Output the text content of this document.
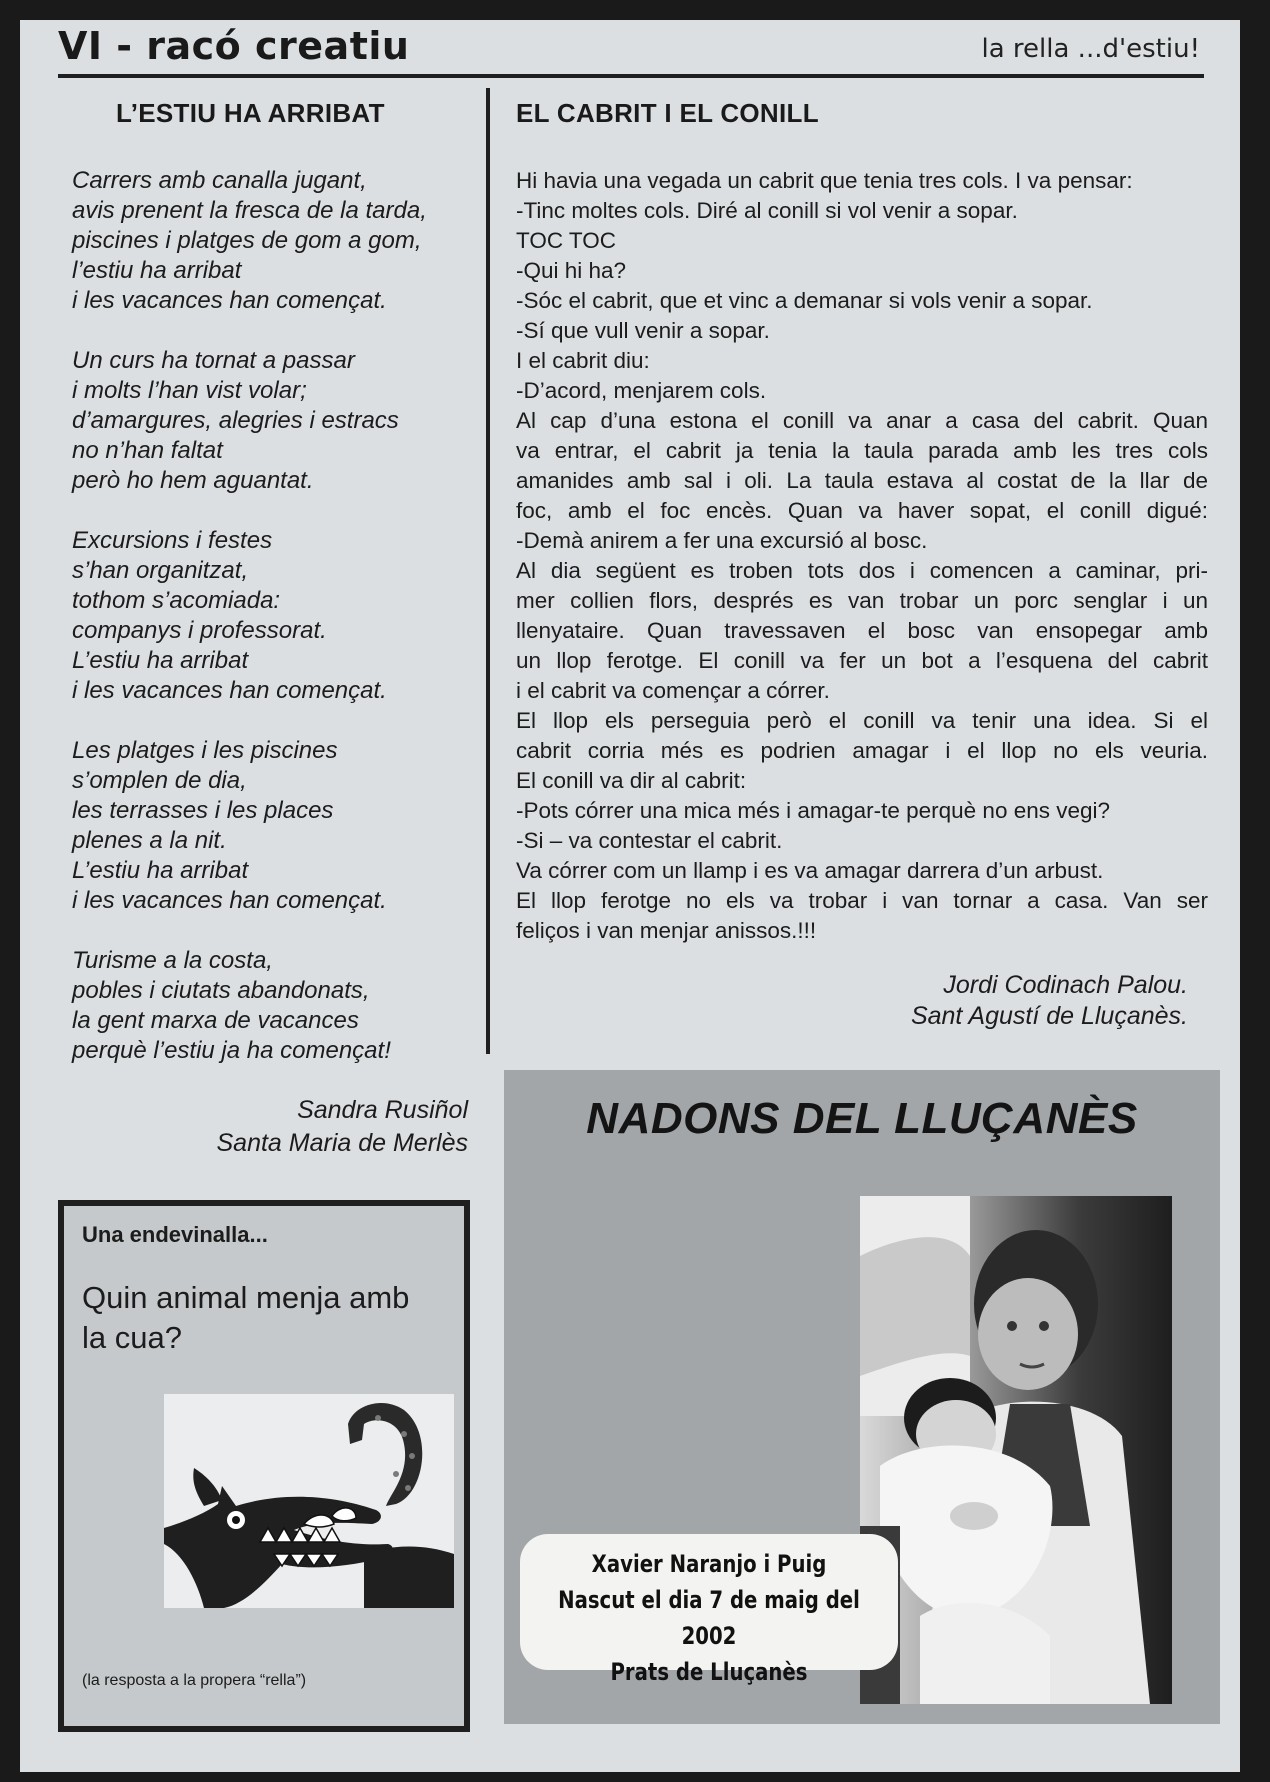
VI - racó creatiu	la rella ...d'estiu!
L’ESTIU HA ARRIBAT
Carrers amb canalla jugant,
avis prenent la fresca de la tarda,
piscines i platges de gom a gom,
l’estiu ha arribat
i les vacances han començat.
Un curs ha tornat a passar
i molts l’han vist volar;
d’amargures, alegries i estracs
no n’han faltat
però ho hem aguantat.
Excursions i festes
s’han organitzat,
tothom s’acomiada:
companys i professorat.
L’estiu ha arribat
i les vacances han començat.
Les platges i les piscines
s’omplen de dia,
les terrasses i les places
plenes a la nit.
L’estiu ha arribat
i les vacances han començat.
Turisme a la costa,
pobles i ciutats abandonats,
la gent marxa de vacances
perquè l’estiu ja ha començat!
Sandra Rusiñol
Santa Maria de Merlès
EL CABRIT I EL CONILL
Hi havia una vegada un cabrit que tenia tres cols. I va pensar:
-Tinc moltes cols. Diré al conill si vol venir a sopar.
TOC TOC
-Qui hi ha?
-Sóc el cabrit, que et vinc a demanar si vols venir a sopar.
-Sí que vull venir a sopar.
I el cabrit diu:
-D’acord, menjarem cols.
Al cap d’una estona el conill va anar a casa del cabrit. Quan
va entrar, el cabrit ja tenia la taula parada amb les tres cols
amanides amb sal i oli. La taula estava al costat de la llar de
foc, amb el foc encès. Quan va haver sopat, el conill digué:
-Demà anirem a fer una excursió al bosc.
Al dia següent es troben tots dos i comencen a caminar, pri-
mer collien flors, després es van trobar un porc senglar i un
llenyataire. Quan travessaven el bosc van ensopegar amb
un llop ferotge. El conill va fer un bot a l’esquena del cabrit
i el cabrit va començar a córrer.
El llop els perseguia però el conill va tenir una idea. Si el
cabrit corria més es podrien amagar i el llop no els veuria.
El conill va dir al cabrit:
-Pots córrer una mica més i amagar-te perquè no ens vegi?
-Si – va contestar el cabrit.
Va córrer com un llamp i es va amagar darrera d’un arbust.
El llop ferotge no els va trobar i van tornar a casa. Van ser
feliços i van menjar anissos.!!!
Jordi Codinach Palou.
Sant Agustí de Lluçanès.
Una endevinalla...
Quin animal menja amb la cua?
(la resposta a la propera “rella”)
NADONS DEL LLUÇANÈS
Xavier Naranjo i Puig
Nascut el dia 7 de maig del 2002
Prats de Lluçanès
